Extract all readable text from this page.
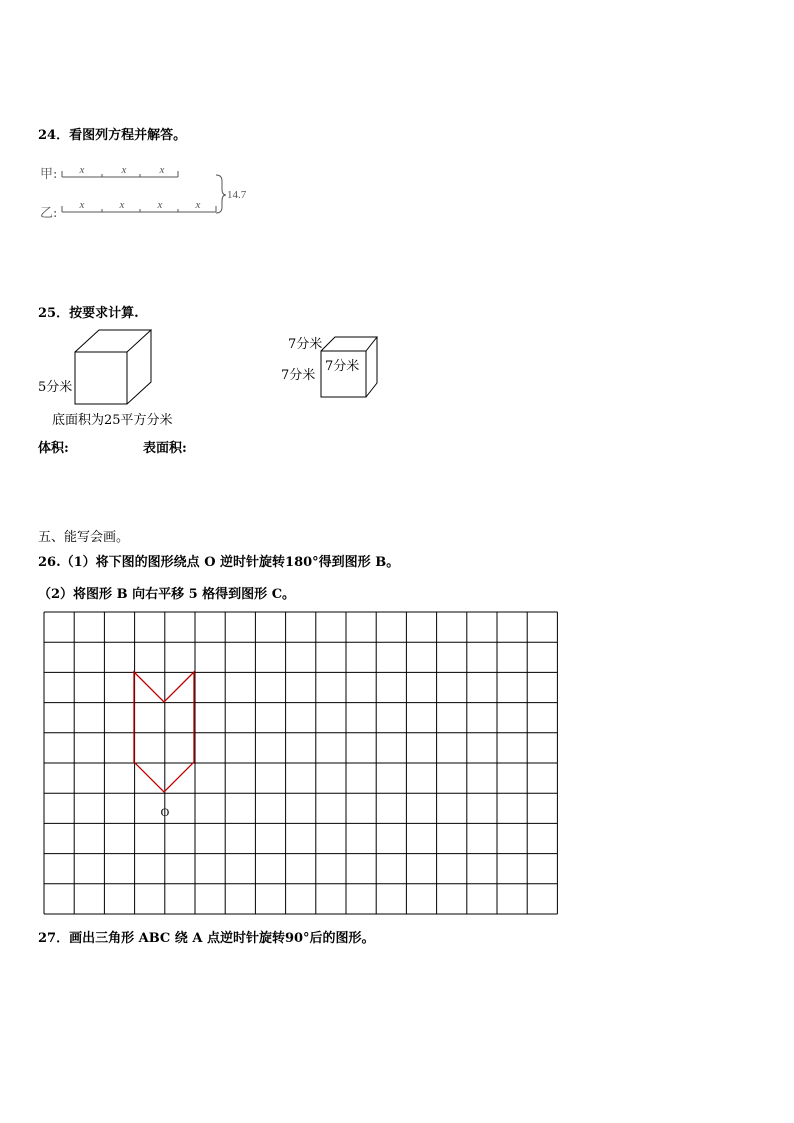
24．看图列方程并解答。
甲:
乙:
x	x	x
x	x	x	x
14.7
25．按要求计算.
5分米
底面积为25平方分米
7分米
7分米
7分米
体积:	表面积:
五、能写会画。
26.（1）将下图的图形绕点 O 逆时针旋转180°得到图形 B。
（2）将图形 B 向右平移 5 格得到图形 C。
O
27．画出三角形 ABC 绕 A 点逆时针旋转90°后的图形。
